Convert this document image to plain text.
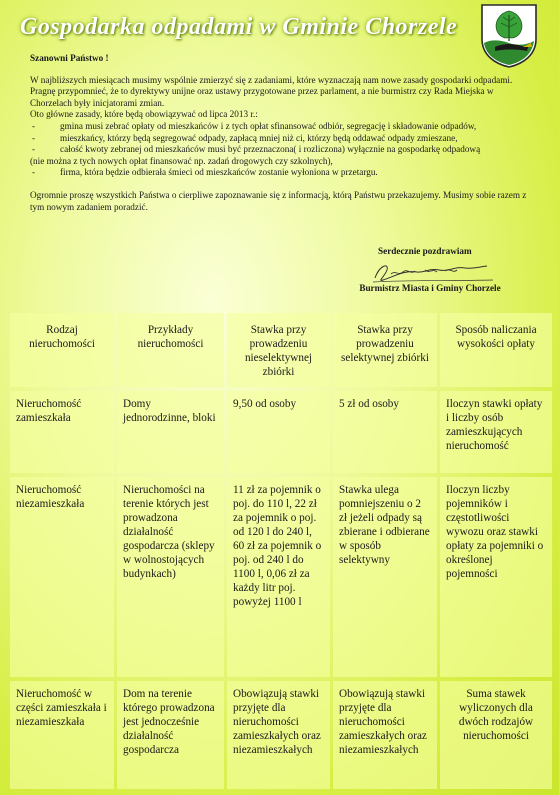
Gospodarka odpadami w Gminie Chorzele
Szanowni Państwo !
W najbliższych miesiącach musimy wspólnie zmierzyć się z zadaniami, które wyznaczają nam nowe zasady gospodarki odpadami. Pragnę przypomnieć, że to dyrektywy unijne oraz ustawy przygotowane przez parlament, a nie burmistrz czy Rada Miejska w Chorzelach były inicjatorami zmian.
Oto główne zasady, które będą obowiązywać od lipca 2013 r.:
- gmina musi zebrać opłaty od mieszkańców i z tych opłat sfinansować odbiór, segregację i składowanie odpadów,
- mieszkańcy, którzy będą segregować odpady, zapłacą mniej niż ci, którzy będą oddawać odpady zmieszane,
- całość kwoty zebranej od mieszkańców musi być przeznaczona( i rozliczona) wyłącznie na gospodarkę odpadową
(nie można z tych nowych opłat finansować np. zadań drogowych czy szkolnych),
- firma, która będzie odbierała śmieci od mieszkańców zostanie wyłoniona w przetargu.
Ogromnie proszę wszystkich Państwa o cierpliwe zapoznawanie się z informacją, którą Państwu przekazujemy. Musimy sobie razem z tym nowym zadaniem poradzić.
Serdecznie pozdrawiam
Burmistrz Miasta i Gminy Chorzele
Rodzaj nieruchomości	Przykłady nieruchomości	Stawka przy prowadzeniu nieselektywnej zbiórki	Stawka przy prowadzeniu selektywnej zbiórki	Sposób naliczania wysokości opłaty
Nieruchomość zamieszkała	Domy jednorodzinne, bloki	9,50 od osoby	5 zł od osoby	Iloczyn stawki opłaty i liczby osób zamieszkujących nieruchomość
Nieruchomość niezamieszkała	Nieruchomości na terenie których jest prowadzona działalność gospodarcza (sklepy w wolnostojących budynkach)	11 zł za pojemnik o poj. do 110 l, 22 zł za pojemnik o poj. od 120 l do 240 l, 60 zł za pojemnik o poj. od 240 l do 1100 l, 0,06 zł za każdy litr poj. powyżej 1100 l	Stawka ulega pomniejszeniu o 2 zł jeżeli odpady są zbierane i odbierane w sposób selektywny	Iloczyn liczby pojemników i częstotliwości wywozu oraz stawki opłaty za pojemniki o określonej pojemności
Nieruchomość w części zamieszkała i niezamieszkała	Dom na terenie którego prowadzona jest jednocześnie działalność gospodarcza	Obowiązują stawki przyjęte dla nieruchomości zamieszkałych oraz niezamieszkałych	Obowiązują stawki przyjęte dla nieruchomości zamieszkałych oraz niezamieszkałych	Suma stawek wyliczonych dla dwóch rodzajów nieruchomości
